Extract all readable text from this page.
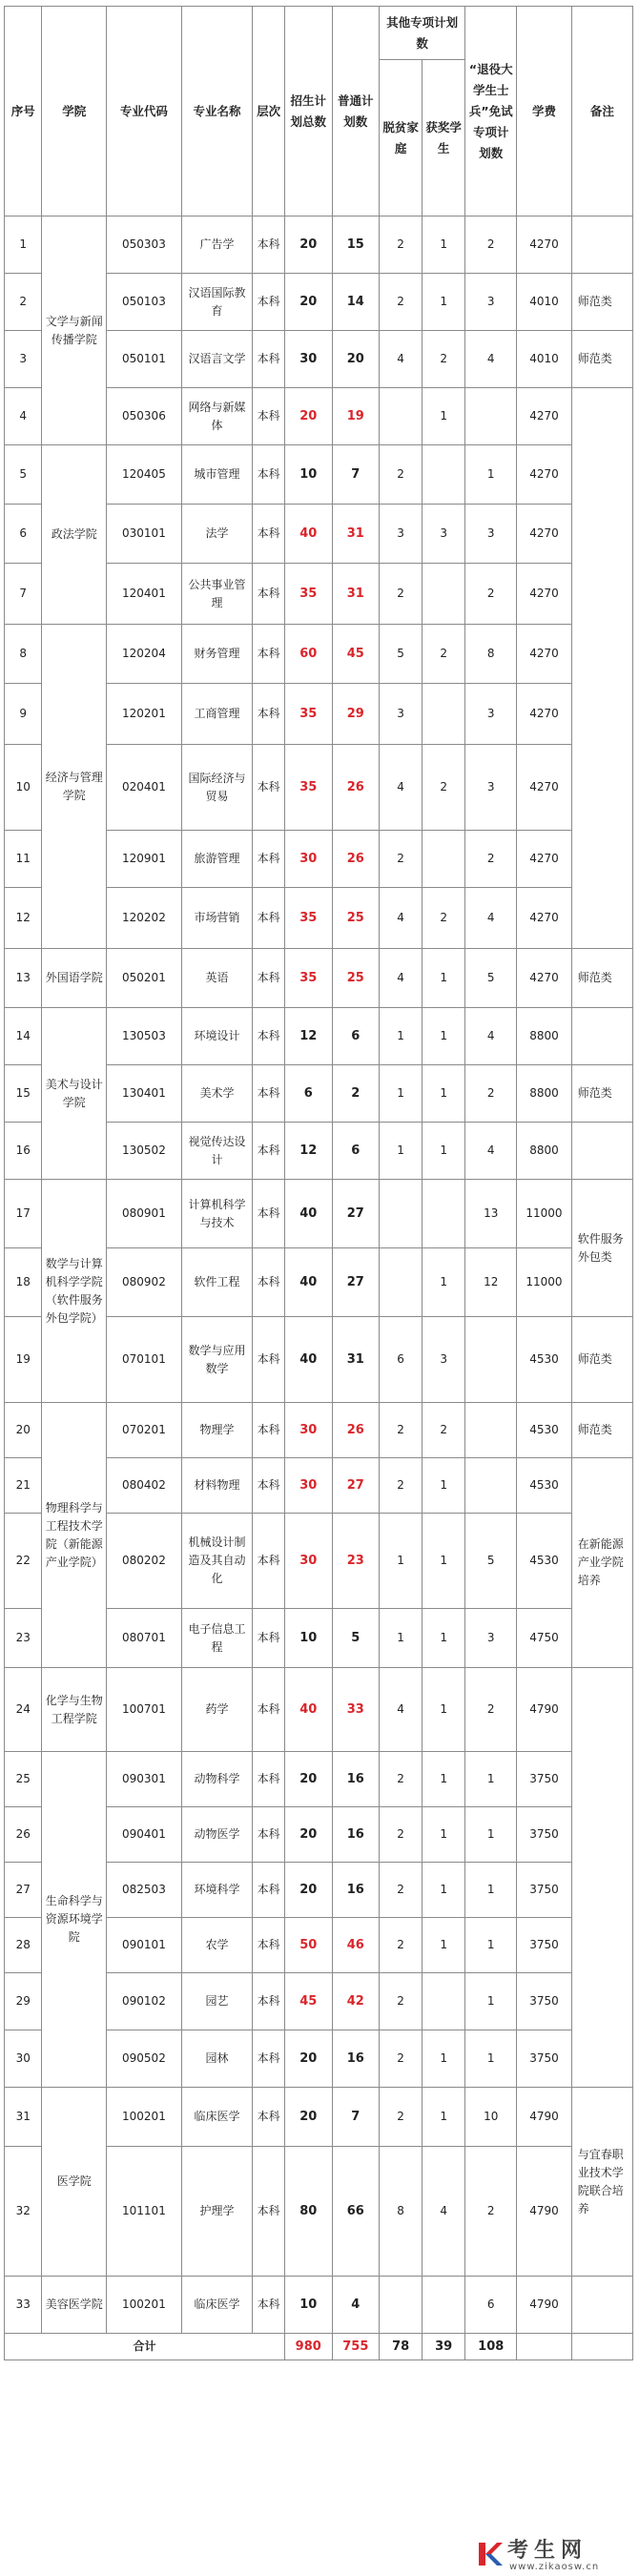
序号	学院	专业代码	专业名称	层次	招生计划总数	普通计划数	其他专项计划数		“退役大学生士兵”免试专项计划数	学费	备注
							脱贫家庭	获奖学生			
1	文学与新闻传播学院	050303	广告学	本科	20	15	2	1	2	4270	
2		050103	汉语国际教育	本科	20	14	2	1	3	4010	师范类
3		050101	汉语言文学	本科	30	20	4	2	4	4010	师范类
4		050306	网络与新媒体	本科	20	19		1		4270	
5	政法学院	120405	城市管理	本科	10	7	2		1	4270	
6		030101	法学	本科	40	31	3	3	3	4270	
7		120401	公共事业管理	本科	35	31	2		2	4270	
8	经济与管理学院	120204	财务管理	本科	60	45	5	2	8	4270	
9		120201	工商管理	本科	35	29	3		3	4270	
10		020401	国际经济与贸易	本科	35	26	4	2	3	4270	
11		120901	旅游管理	本科	30	26	2		2	4270	
12		120202	市场营销	本科	35	25	4	2	4	4270	
13	外国语学院	050201	英语	本科	35	25	4	1	5	4270	师范类
14	美术与设计学院	130503	环境设计	本科	12	6	1	1	4	8800	
15		130401	美术学	本科	6	2	1	1	2	8800	师范类
16		130502	视觉传达设计	本科	12	6	1	1	4	8800	
17	数学与计算机科学学院（软件服务外包学院）	080901	计算机科学与技术	本科	40	27			13	11000	软件服务外包类
18		080902	软件工程	本科	40	27		1	12	11000	
19		070101	数学与应用数学	本科	40	31	6	3		4530	师范类
20	物理科学与工程技术学院（新能源产业学院）	070201	物理学	本科	30	26	2	2		4530	师范类
21		080402	材料物理	本科	30	27	2	1		4530	在新能源产业学院培养
22		080202	机械设计制造及其自动化	本科	30	23	1	1	5	4530	
23		080701	电子信息工程	本科	10	5	1	1	3	4750	
24	化学与生物工程学院	100701	药学	本科	40	33	4	1	2	4790	
25	生命科学与资源环境学院	090301	动物科学	本科	20	16	2	1	1	3750	
26		090401	动物医学	本科	20	16	2	1	1	3750	
27		082503	环境科学	本科	20	16	2	1	1	3750	
28		090101	农学	本科	50	46	2	1	1	3750	
29		090102	园艺	本科	45	42	2		1	3750	
30		090502	园林	本科	20	16	2	1	1	3750	
31	医学院	100201	临床医学	本科	20	7	2	1	10	4790	与宜春职业技术学院联合培养
32		101101	护理学	本科	80	66	8	4	2	4790	
33	美容医学院	100201	临床医学	本科	10	4			6	4790	
合计					980	755	78	39	108		
考生网
www.zikaosw.cn
